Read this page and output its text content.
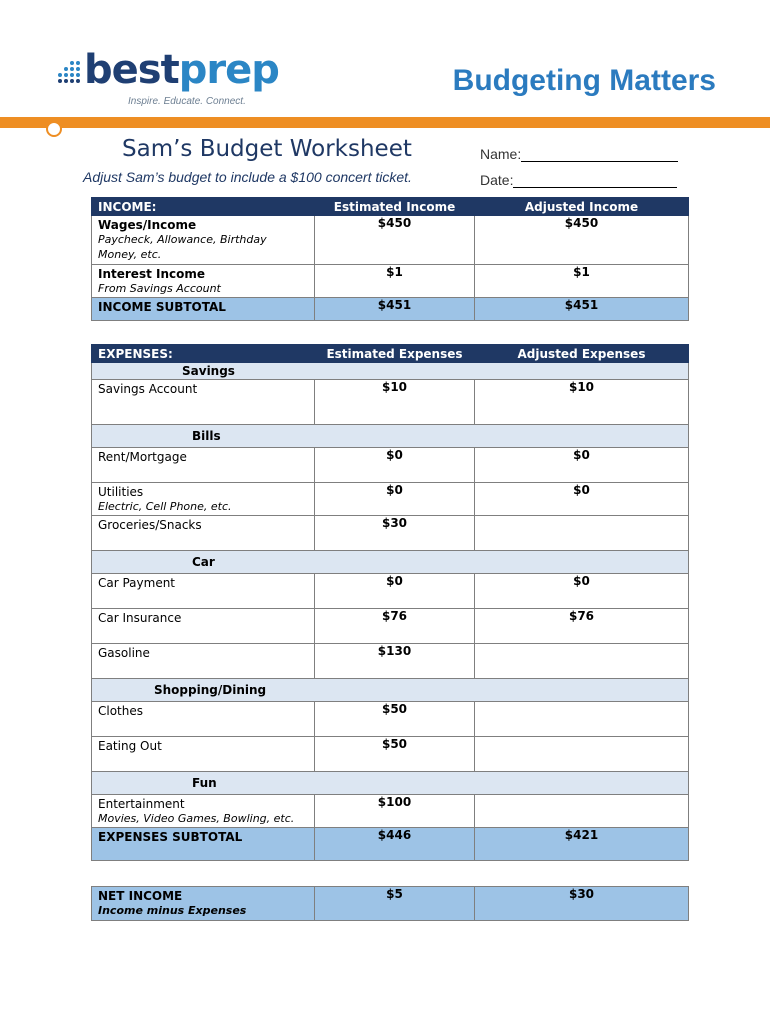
bestprep
Inspire. Educate. Connect.
Budgeting Matters
Sam’s Budget Worksheet
Adjust Sam’s budget to include a $100 concert ticket.
Name:
Date:
INCOME:	Estimated Income	Adjusted Income

Wages/Income
Paycheck, Allowance, Birthday Money, etc.	$450	$450

Interest Income
From Savings Account	$1	$1

INCOME SUBTOTAL	$451	$451
EXPENSES:	Estimated Expenses	Adjusted Expenses
Savings		

Savings Account	$10	$10
Bills		

Rent/Mortgage	$0	$0

Utilities
Electric, Cell Phone, etc.	$0	$0

Groceries/Snacks	$30	
Car		

Car Payment	$0	$0

Car Insurance	$76	$76

Gasoline	$130	
Shopping/Dining		

Clothes	$50	

Eating Out	$50	
Fun		

Entertainment
Movies, Video Games, Bowling, etc.	$100	

EXPENSES SUBTOTAL	$446	$421
NET INCOME
Income minus Expenses
	$5	$30
